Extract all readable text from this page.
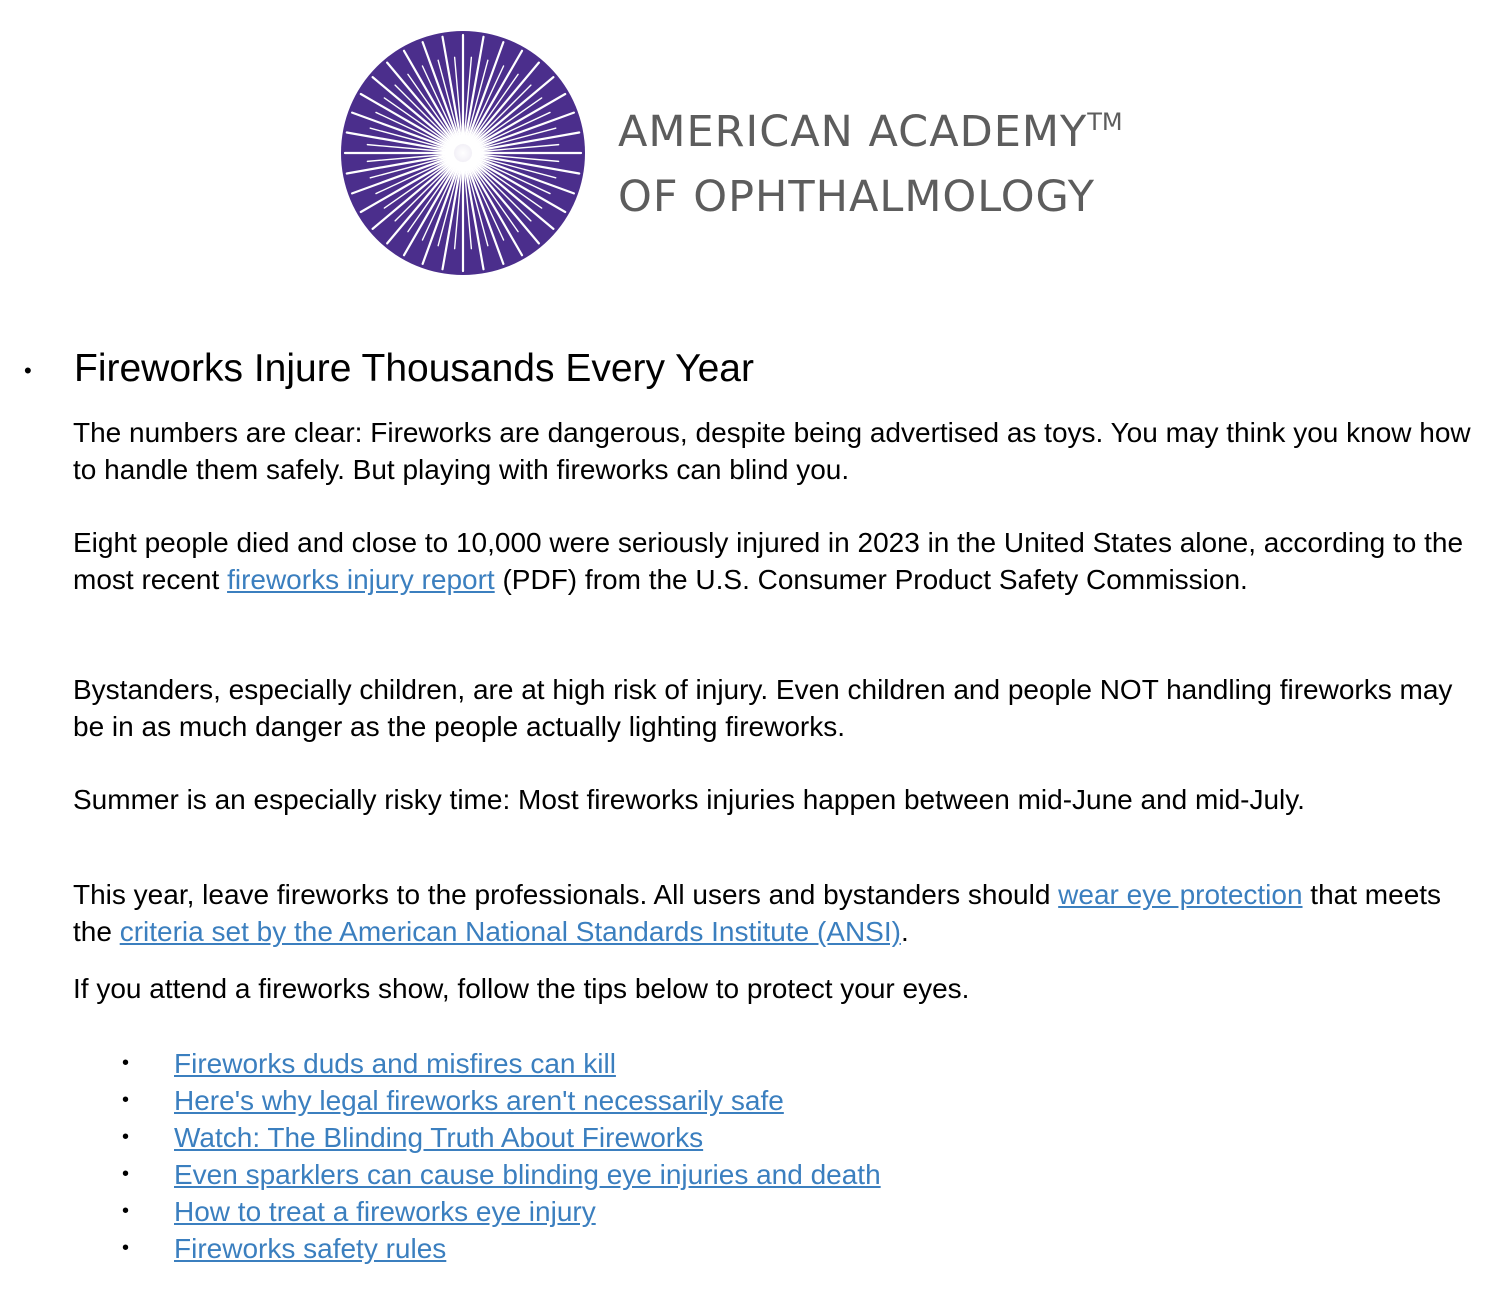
AMERICAN ACADEMY™
OF OPHTHALMOLOGY
• Fireworks Injure Thousands Every Year

The numbers are clear: Fireworks are dangerous, despite being advertised as toys. You may think you know how to handle them safely. But playing with fireworks can blind you.

Eight people died and close to 10,000 were seriously injured in 2023 in the United States alone, according to the most recent fireworks injury report (PDF) from the U.S. Consumer Product Safety Commission.

Bystanders, especially children, are at high risk of injury. Even children and people NOT handling fireworks may be in as much danger as the people actually lighting fireworks.

Summer is an especially risky time: Most fireworks injuries happen between mid-June and mid-July.

This year, leave fireworks to the professionals. All users and bystanders should wear eye protection that meets the criteria set by the American National Standards Institute (ANSI).

If you attend a fireworks show, follow the tips below to protect your eyes.

• Fireworks duds and misfires can kill
• Here's why legal fireworks aren't necessarily safe
• Watch: The Blinding Truth About Fireworks
• Even sparklers can cause blinding eye injuries and death
• How to treat a fireworks eye injury
• Fireworks safety rules
